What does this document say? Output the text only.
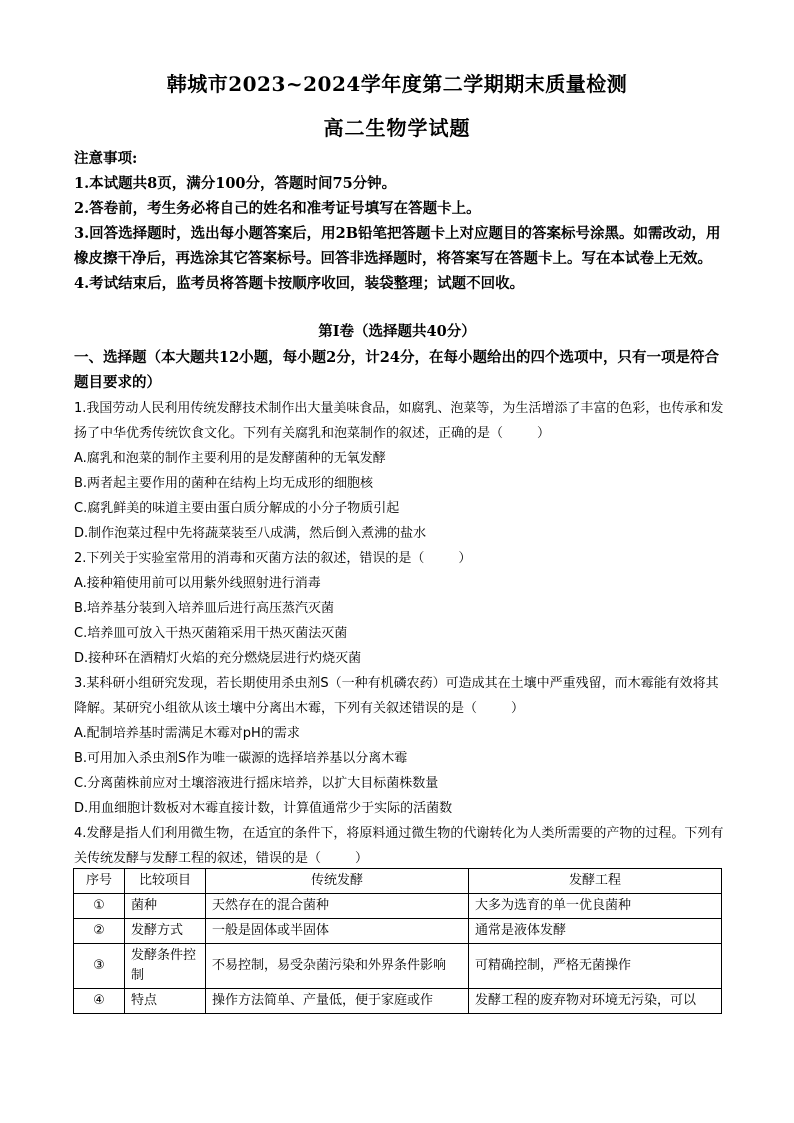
韩城市2023~2024学年度第二学期期末质量检测
高二生物学试题

注意事项:

1.本试题共8页，满分100分，答题时间75分钟。

2.答卷前，考生务必将自己的姓名和准考证号填写在答题卡上。

3.回答选择题时，选出每小题答案后，用2B铅笔把答题卡上对应题目的答案标号涂黑。如需改动，用橡皮擦干净后，再选涂其它答案标号。回答非选择题时，将答案写在答题卡上。写在本试卷上无效。

4.考试结束后，监考员将答题卡按顺序收回，装袋整理；试题不回收。

第Ⅰ卷（选择题共40分）
一、选择题（本大题共12小题，每小题2分，计24分，在每小题给出的四个选项中，只有一项是符合题目要求的）

1.我国劳动人民利用传统发酵技术制作出大量美味食品，如腐乳、泡菜等，为生活增添了丰富的色彩，也传承和发扬了中华优秀传统饮食文化。下列有关腐乳和泡菜制作的叙述，正确的是（	）

A.腐乳和泡菜的制作主要利用的是发酵菌种的无氧发酵

B.两者起主要作用的菌种在结构上均无成形的细胞核

C.腐乳鲜美的味道主要由蛋白质分解成的小分子物质引起

D.制作泡菜过程中先将蔬菜装至八成满，然后倒入煮沸的盐水

2.下列关于实验室常用的消毒和灭菌方法的叙述，错误的是（	）

A.接种箱使用前可以用紫外线照射进行消毒

B.培养基分装到入培养皿后进行高压蒸汽灭菌

C.培养皿可放入干热灭菌箱采用干热灭菌法灭菌

D.接种环在酒精灯火焰的充分燃烧层进行灼烧灭菌

3.某科研小组研究发现，若长期使用杀虫剂S（一种有机磷农药）可造成其在土壤中严重残留，而木霉能有效将其降解。某研究小组欲从该土壤中分离出木霉，下列有关叙述错误的是（	）

A.配制培养基时需满足木霉对pH的需求

B.可用加入杀虫剂S作为唯一碳源的选择培养基以分离木霉

C.分离菌株前应对土壤溶液进行摇床培养，以扩大目标菌株数量

D.用血细胞计数板对木霉直接计数，计算值通常少于实际的活菌数

4.发酵是指人们利用微生物，在适宜的条件下，将原料通过微生物的代谢转化为人类所需要的产物的过程。下列有关传统发酵与发酵工程的叙述，错误的是（	）

序号	比较项目	传统发酵	发酵工程
①	菌种	天然存在的混合菌种	大多为选育的单一优良菌种
②	发酵方式	一般是固体或半固体	通常是液体发酵
③	发酵条件控制	不易控制，易受杂菌污染和外界条件影响	可精确控制，严格无菌操作
④	特点	操作方法简单、产量低，便于家庭或作	发酵工程的废弃物对环境无污染，可以
